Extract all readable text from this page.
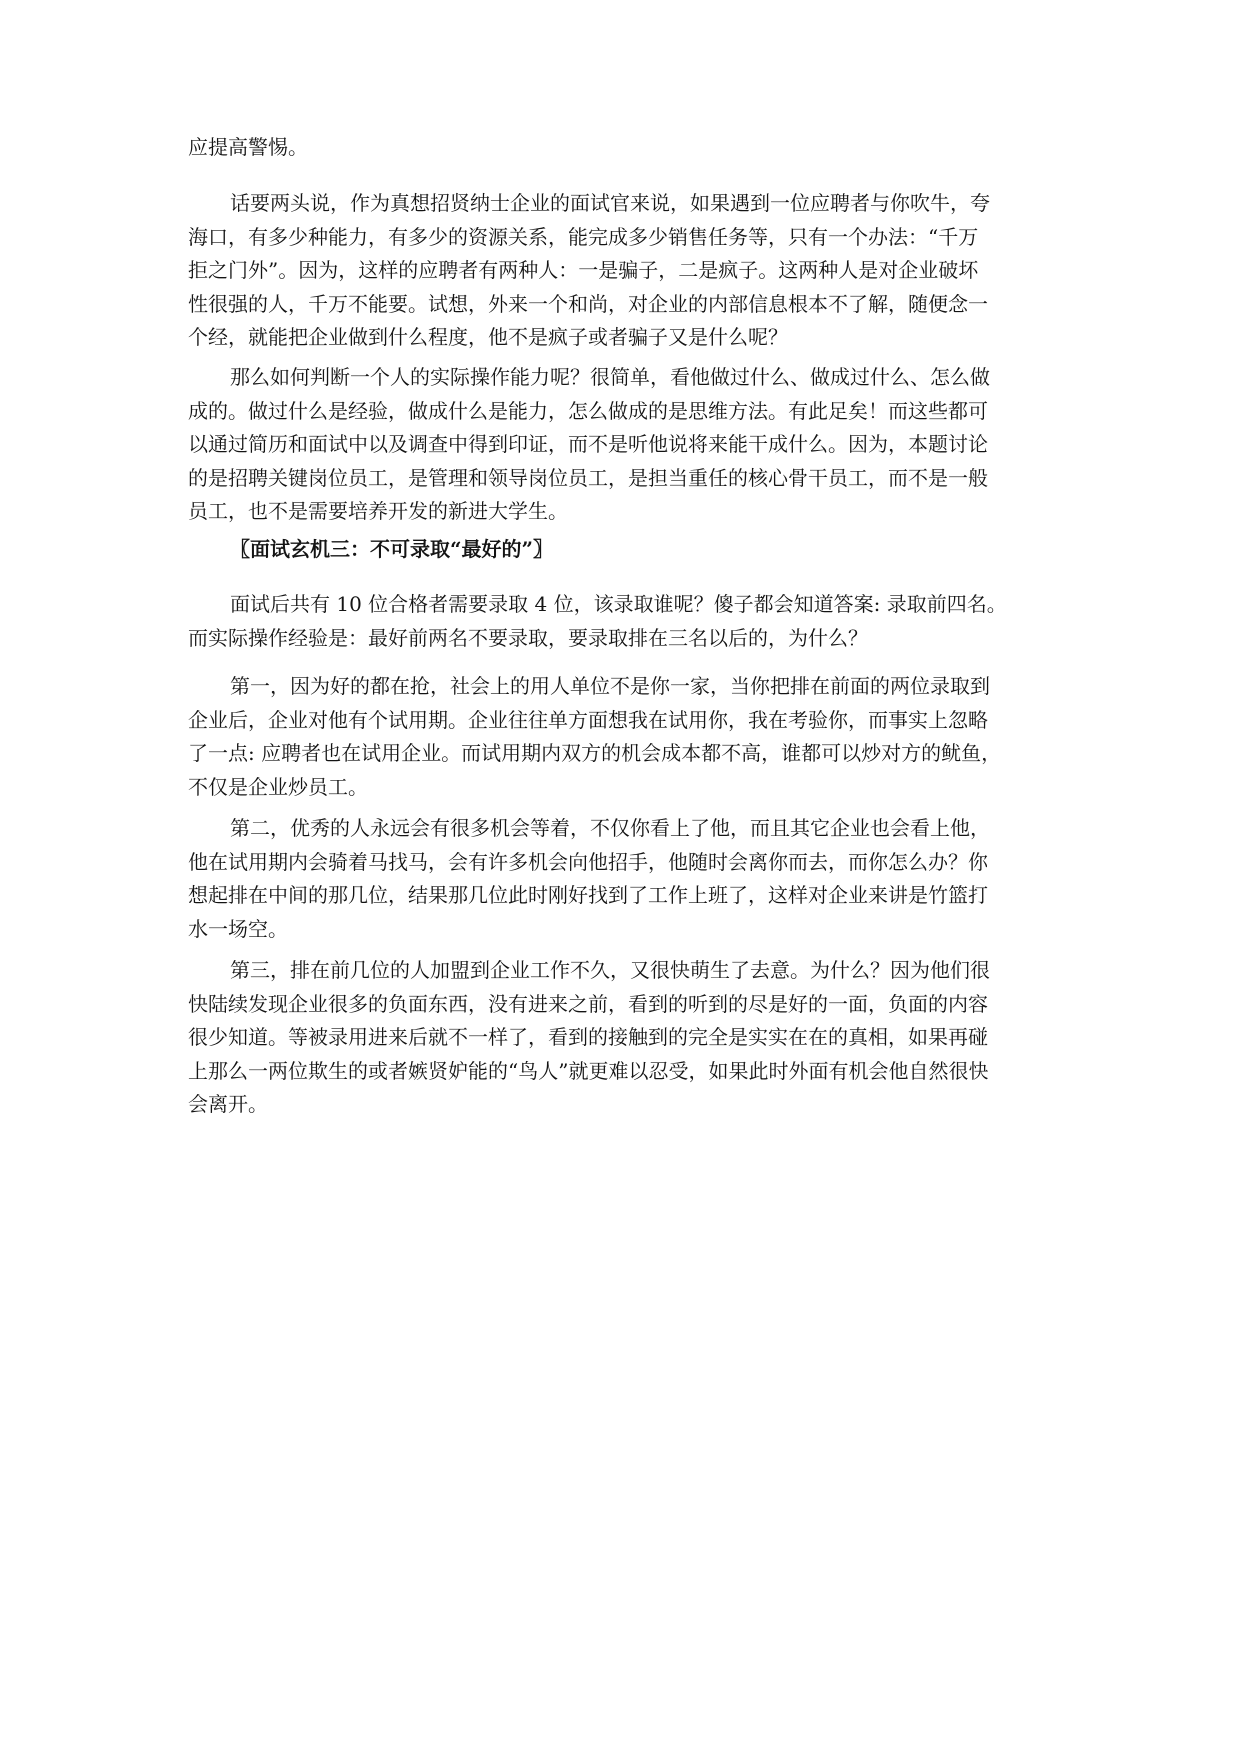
应提高警惕。
话要两头说，作为真想招贤纳士企业的面试官来说，如果遇到一位应聘者与你吹牛，夸
海口，有多少种能力，有多少的资源关系，能完成多少销售任务等，只有一个办法：“千万
拒之门外”。因为，这样的应聘者有两种人：一是骗子，二是疯子。这两种人是对企业破坏
性很强的人，千万不能要。试想，外来一个和尚，对企业的内部信息根本不了解，随便念一
个经，就能把企业做到什么程度，他不是疯子或者骗子又是什么呢？
那么如何判断一个人的实际操作能力呢？很简单，看他做过什么、做成过什么、怎么做
成的。做过什么是经验，做成什么是能力，怎么做成的是思维方法。有此足矣！而这些都可
以通过简历和面试中以及调查中得到印证，而不是听他说将来能干成什么。因为，本题讨论
的是招聘关键岗位员工，是管理和领导岗位员工，是担当重任的核心骨干员工，而不是一般
员工，也不是需要培养开发的新进大学生。
〖面试玄机三：不可录取“最好的”〗
面试后共有 10 位合格者需要录取 4 位，该录取谁呢？傻子都会知道答案: 录取前四名。
而实际操作经验是：最好前两名不要录取，要录取排在三名以后的，为什么？
第一，因为好的都在抢，社会上的用人单位不是你一家，当你把排在前面的两位录取到
企业后，企业对他有个试用期。企业往往单方面想我在试用你，我在考验你，而事实上忽略
了一点: 应聘者也在试用企业。而试用期内双方的机会成本都不高，谁都可以炒对方的鱿鱼，
不仅是企业炒员工。
第二，优秀的人永远会有很多机会等着，不仅你看上了他，而且其它企业也会看上他，
他在试用期内会骑着马找马，会有许多机会向他招手，他随时会离你而去，而你怎么办？你
想起排在中间的那几位，结果那几位此时刚好找到了工作上班了，这样对企业来讲是竹篮打
水一场空。
第三，排在前几位的人加盟到企业工作不久，又很快萌生了去意。为什么？因为他们很
快陆续发现企业很多的负面东西，没有进来之前，看到的听到的尽是好的一面，负面的内容
很少知道。等被录用进来后就不一样了，看到的接触到的完全是实实在在的真相，如果再碰
上那么一两位欺生的或者嫉贤妒能的“鸟人”就更难以忍受，如果此时外面有机会他自然很快
会离开。
